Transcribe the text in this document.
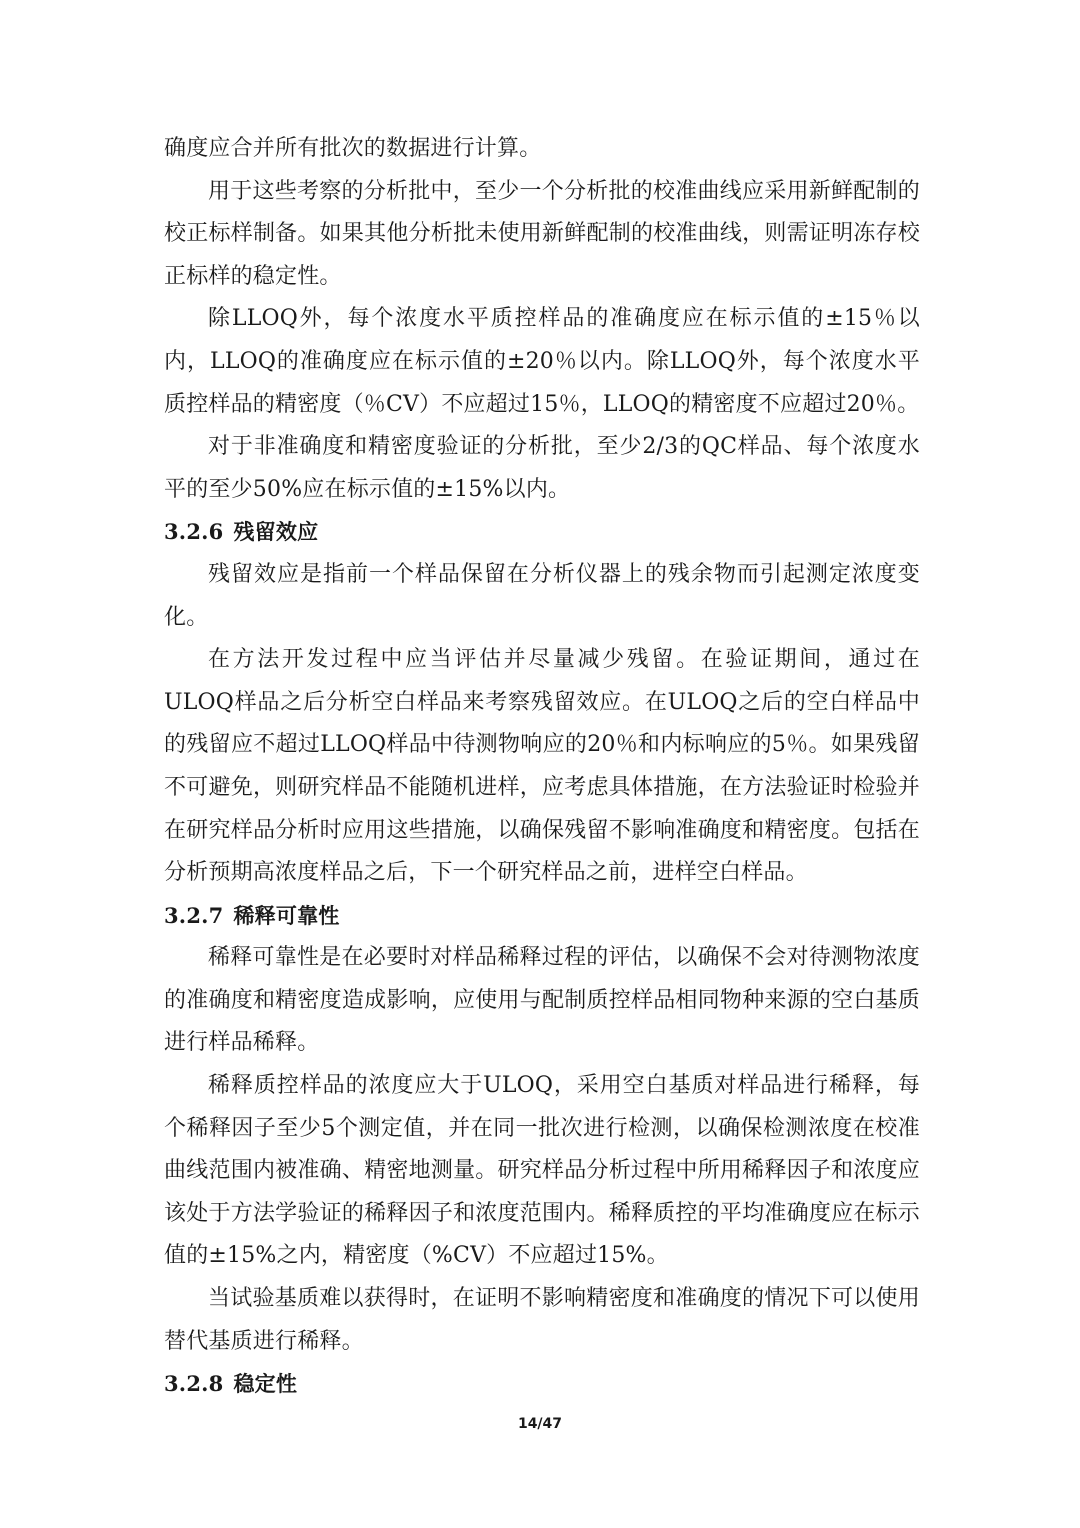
确度应合并所有批次的数据进行计算。

用于这些考察的分析批中，至少一个分析批的校准曲线应采用新鲜配制的校正标样制备。如果其他分析批未使用新鲜配制的校准曲线，则需证明冻存校正标样的稳定性。

除LLOQ外，每个浓度水平质控样品的准确度应在标示值的±15％以内，LLOQ的准确度应在标示值的±20％以内。除LLOQ外，每个浓度水平质控样品的精密度（％CV）不应超过15％，LLOQ的精密度不应超过20％。

对于非准确度和精密度验证的分析批，至少2/3的QC样品、每个浓度水平的至少50%应在标示值的±15%以内。

3.2.6 残留效应

残留效应是指前一个样品保留在分析仪器上的残余物而引起测定浓度变化。

在方法开发过程中应当评估并尽量减少残留。在验证期间，通过在ULOQ样品之后分析空白样品来考察残留效应。在ULOQ之后的空白样品中的残留应不超过LLOQ样品中待测物响应的20％和内标响应的5％。如果残留不可避免，则研究样品不能随机进样，应考虑具体措施，在方法验证时检验并在研究样品分析时应用这些措施，以确保残留不影响准确度和精密度。包括在分析预期高浓度样品之后，下一个研究样品之前，进样空白样品。

3.2.7 稀释可靠性

稀释可靠性是在必要时对样品稀释过程的评估，以确保不会对待测物浓度的准确度和精密度造成影响，应使用与配制质控样品相同物种来源的空白基质进行样品稀释。

稀释质控样品的浓度应大于ULOQ，采用空白基质对样品进行稀释，每个稀释因子至少5个测定值，并在同一批次进行检测，以确保检测浓度在校准曲线范围内被准确、精密地测量。研究样品分析过程中所用稀释因子和浓度应该处于方法学验证的稀释因子和浓度范围内。稀释质控的平均准确度应在标示值的±15%之内，精密度（%CV）不应超过15%。

当试验基质难以获得时，在证明不影响精密度和准确度的情况下可以使用替代基质进行稀释。

3.2.8 稳定性
14/47
